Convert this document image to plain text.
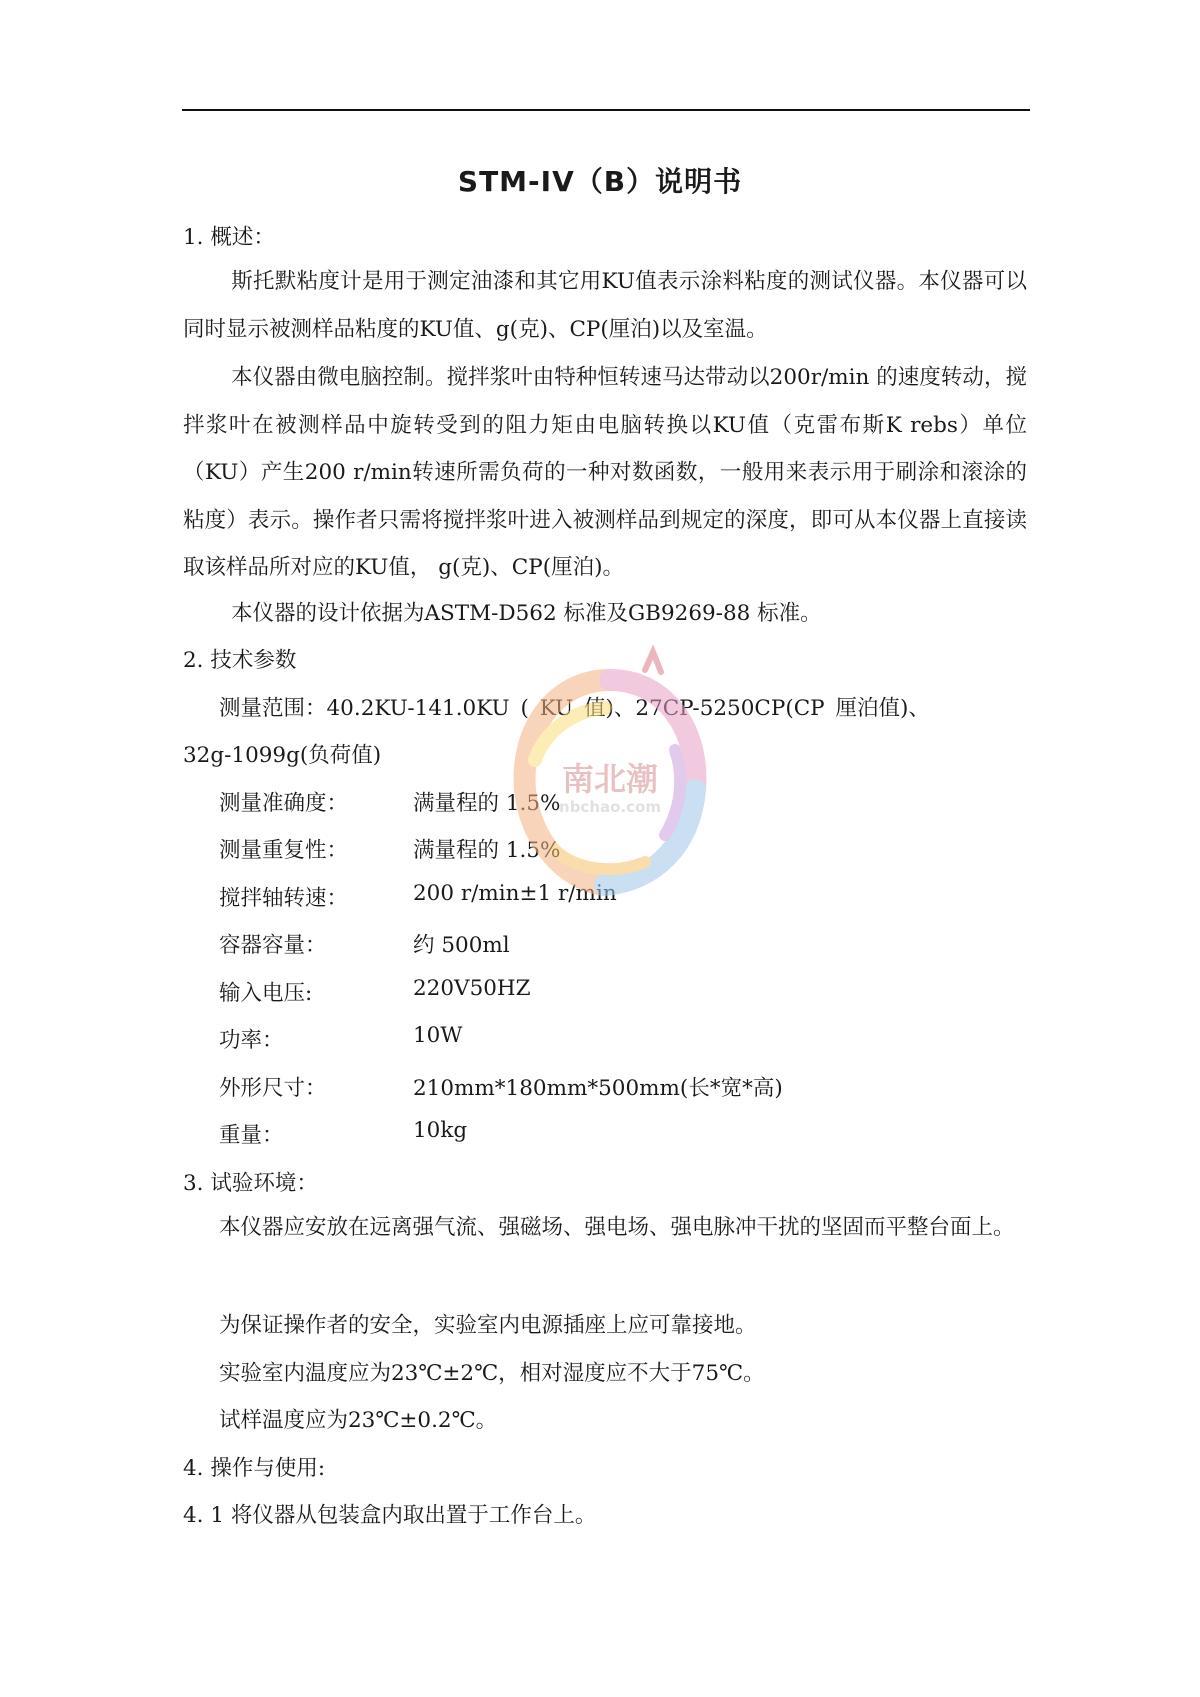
STM-IV（B）说明书
1. 概述：

斯托默粘度计是用于测定油漆和其它用KU值表示涂料粘度的测试仪器。本仪器可以同时显示被测样品粘度的KU值、g(克)、CP(厘泊)以及室温。

本仪器由微电脑控制。搅拌浆叶由特种恒转速马达带动以200r/min 的速度转动，搅拌浆叶在被测样品中旋转受到的阻力矩由电脑转换以KU值（克雷布斯K rebs）单位（KU）产生200 r/min转速所需负荷的一种对数函数，一般用来表示用于刷涂和滚涂的粘度）表示。操作者只需将搅拌浆叶进入被测样品到规定的深度，即可从本仪器上直接读取该样品所对应的KU值， g(克)、CP(厘泊)。

本仪器的设计依据为ASTM-D562 标准及GB9269-88 标准。
2. 技术参数
测量范围：40.2KU-141.0KU ( KU 值)、27CP-5250CP(CP 厘泊值)、
32g-1099g(负荷值)
测量准确度：	满量程的 1.5%
测量重复性：	满量程的 1.5%
搅拌轴转速：	200 r/min±1 r/min
容器容量：	约 500ml
输入电压:	220V50HZ
功率：	10W
外形尺寸：	210mm*180mm*500mm(长*宽*高)
重量：	10kg
3. 试验环境：

本仪器应安放在远离强气流、强磁场、强电场、强电脉冲干扰的坚固而平整台面上。

为保证操作者的安全，实验室内电源插座上应可靠接地。
实验室内温度应为23℃±2℃，相对湿度应不大于75℃。
试样温度应为23℃±0.2℃。
4. 操作与使用:
4. 1 将仪器从包装盒内取出置于工作台上。
南北潮
nbchao.com
